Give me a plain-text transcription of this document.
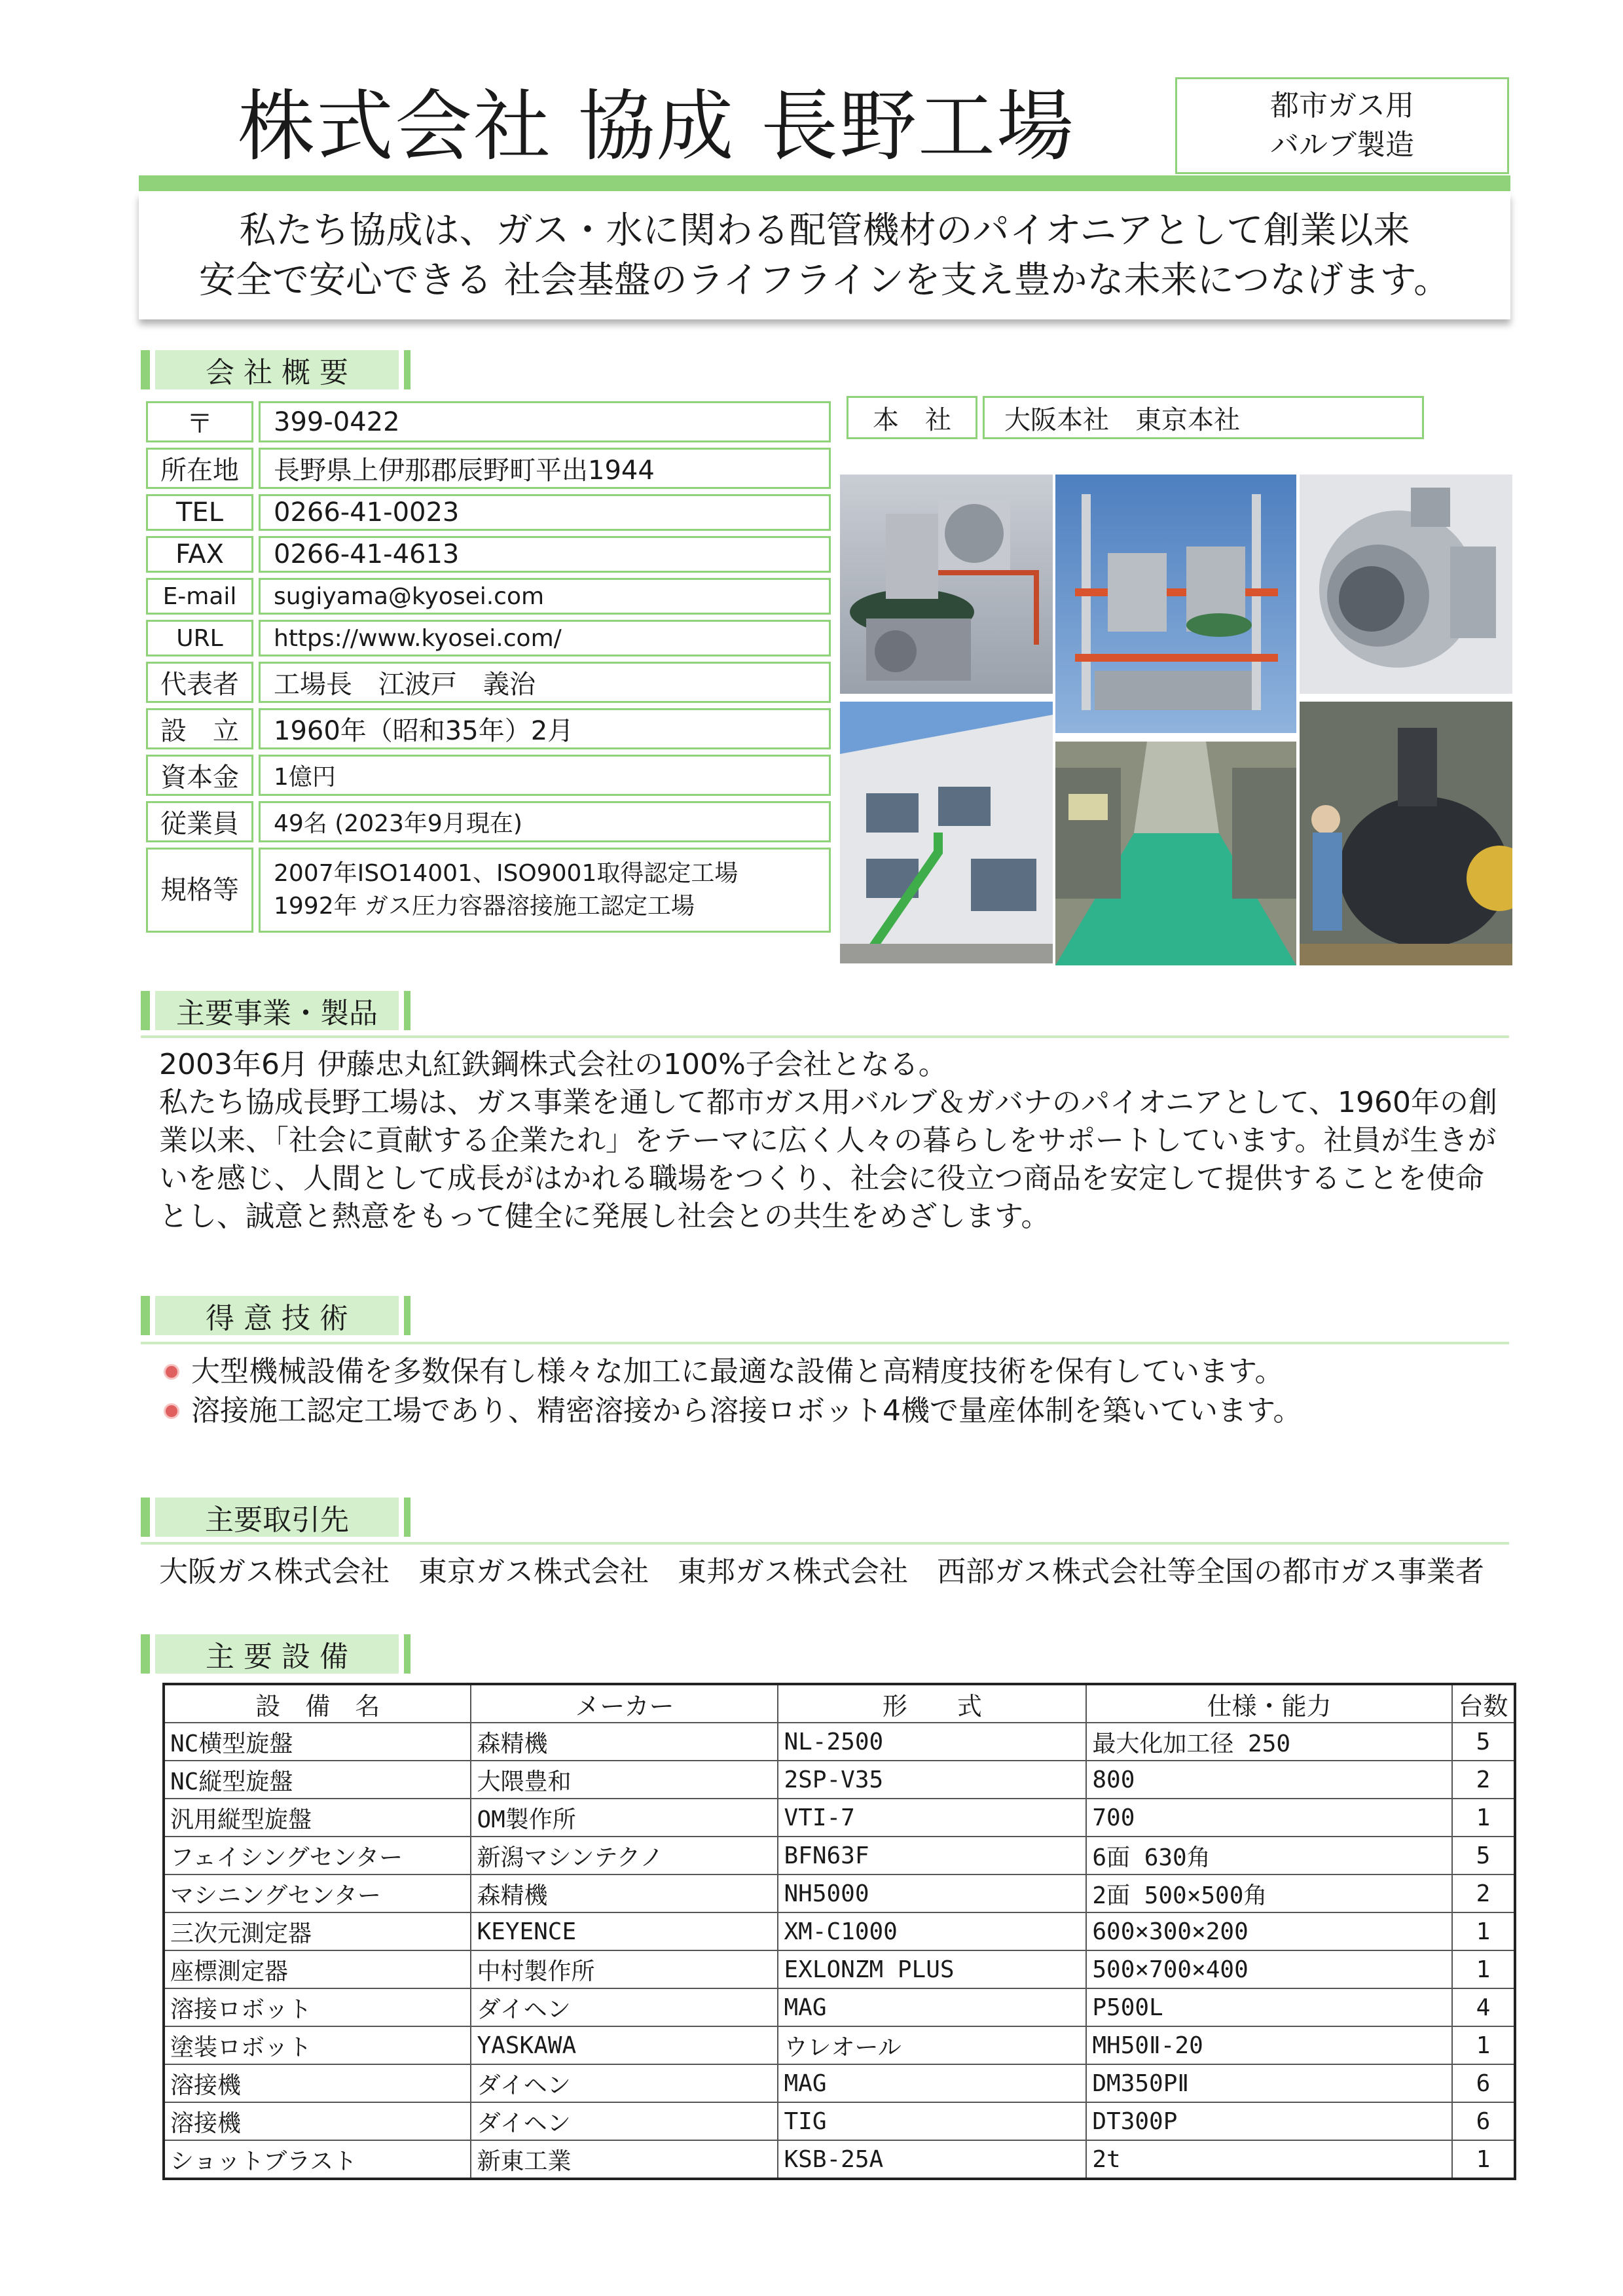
株式会社 協成 長野工場	都市ガス用
バルブ製造
私たち協成は、ガス・水に関わる配管機材のパイオニアとして創業以来
安全で安心できる 社会基盤のライフラインを支え豊かな未来につなげます。
会 社 概 要
〒	399-0422
所在地	長野県上伊那郡辰野町平出1944
TEL	0266-41-0023
FAX	0266-41-4613
E-mail	sugiyama@kyosei.com
URL	https://www.kyosei.com/
代表者	工場長　江波戸　義治
設　立	1960年（昭和35年）2月
資本金	1億円
従業員	49名 (2023年9月現在)
規格等	2007年ISO14001、ISO9001取得認定工場
1992年 ガス圧力容器溶接施工認定工場
本　社	大阪本社　東京本社
主要事業・製品

2003年6月 伊藤忠丸紅鉄鋼株式会社の100%子会社となる。

私たち協成長野工場は、ガス事業を通して都市ガス用バルブ＆ガバナのパイオニアとして、1960年の創業以来、「社会に貢献する企業たれ」をテーマに広く人々の暮らしをサポートしています。社員が生きがいを感じ、人間として成長がはかれる職場をつくり、社会に役立つ商品を安定して提供することを使命とし、誠意と熱意をもって健全に発展し社会との共生をめざします。

得 意 技 術
大型機械設備を多数保有し様々な加工に最適な設備と高精度技術を保有しています。
溶接施工認定工場であり、精密溶接から溶接ロボット4機で量産体制を築いています。
主要取引先
大阪ガス株式会社　東京ガス株式会社　東邦ガス株式会社　西部ガス株式会社等全国の都市ガス事業者
主 要 設 備
設　備　名	メーカー	形　　式	仕様・能力	台数
NC横型旋盤	森精機	NL-2500	最大化加工径 250	5
NC縦型旋盤	大隈豊和	2SP-V35	800	2
汎用縦型旋盤	OM製作所	VTI-7	700	1
フェイシングセンター	新潟マシンテクノ	BFN63F	6面 630角	5
マシニングセンター	森精機	NH5000	2面 500×500角	2
三次元測定器	KEYENCE	XM-C1000	600×300×200	1
座標測定器	中村製作所	EXLONZM PLUS	500×700×400	1
溶接ロボット	ダイヘン	MAG	P500L	4
塗装ロボット	YASKAWA	ウレオール	MH50Ⅱ-20	1
溶接機	ダイヘン	MAG	DM350PⅡ	6
溶接機	ダイヘン	TIG	DT300P	6
ショットブラスト	新東工業	KSB-25A	2t	1
